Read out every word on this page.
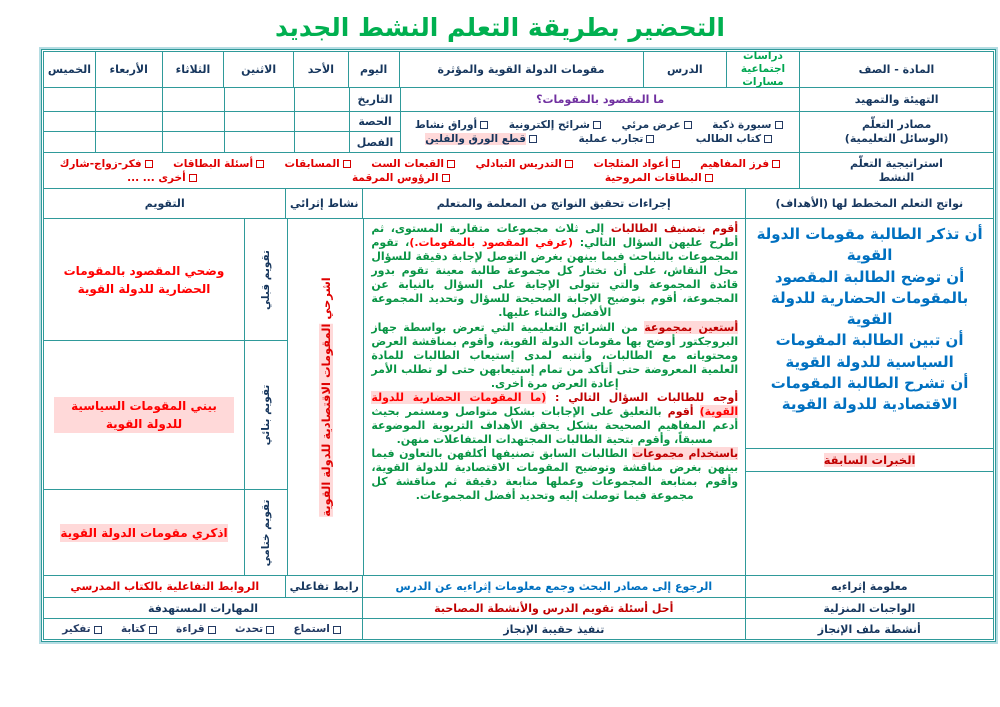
التحضير بطريقة التعلم النشط الجديد
المادة - الصف
دراسات اجتماعية
مسارات
الدرس
مقومات الدولة القوية والمؤثرة
اليوم
الأحد
الاثنين
الثلاثاء
الأربعاء
الخميس
التهيئة والتمهيد
مصادر التعلّم
(الوسائل التعليمية)
ما المقصود بالمقومات؟
سبورة ذكية
عرض مرئي
شرائح إلكترونية
أوراق نشاط
كتاب الطالب
تجارب عملية
قطع الورق والفلين
التاريخ
الحصة
الفصل
استراتيجية التعلّم
النشط
فرز المفاهيم
أعواد المثلجات
التدريس التبادلي
القبعات الست
المسابقات
أسئلة البطاقات
فكر-زواج-شارك
البطاقات المروحية
الرؤوس المرقمة
أخرى ... ...
نواتج التعلم المخطط لها (الأهداف)
إجراءات تحقيق النواتج من المعلمة والمتعلم
نشاط إثرائي
التقويم

أن تذكر الطالبة مقومات الدولة القوية

أن توضح الطالبة المقصود بالمقومات الحضارية للدولة القوية

أن تبين الطالبة المقومات السياسية للدولة القوية

أن تشرح الطالبة المقومات الاقتصادية للدولة القوية

الخبرات السابقة

أقوم بتصنيف الطالبات إلى ثلاث مجموعات متقاربة المستوى، ثم أطرح عليهن السؤال التالي: (عرفي المقصود بالمقومات.)، تقوم المجموعات بالتباحث فيما بينهن بغرض التوصل لإجابة دقيقة للسؤال محل النقاش، على أن تختار كل مجموعة طالبة معينة تقوم بدور قائدة المجموعة والتي تتولى الإجابة على السؤال بالنيابة عن المجموعة، أقوم بتوضيح الإجابة الصحيحة للسؤال وتحديد المجموعة الأفضل والثناء عليها.

أستعين بمجموعة من الشرائح التعليمية التي تعرض بواسطة جهاز البروجكتور أوضح بها مقومات الدولة القوية، وأقوم بمناقشة العرض ومحتوياته مع الطالبات، وأنتبه لمدى إستيعاب الطالبات للمادة العلمية المعروضة حتى أتأكد من تمام إستيعابهن حتى لو تطلب الأمر إعادة العرض مرة أخرى.

أوجه للطالبات السؤال التالي : (ما المقومات الحضارية للدولة القوية) أقوم بالتعليق على الإجابات بشكل متواصل ومستمر بحيث أدعم المفاهيم الصحيحة بشكل يحقق الأهداف التربوية الموضوعة مسبقاً، وأقوم بتحية الطالبات المجتهدات المتفاعلات منهن.

باستخدام مجموعات الطالبات السابق تصنيفها أكلفهن بالتعاون فيما بينهن بغرض مناقشة وتوضيح المقومات الاقتصادية للدولة القوية، وأقوم بمتابعة المجموعات وعملها متابعة دقيقة ثم مناقشة كل مجموعة فيما توصلت إليه وتحديد أفضل المجموعات.

اشرحي المقومات الاقتصادية للدولة القوية
تقويم قبلي
وضحي المقصود بالمقومات الحضارية للدولة القوية
تقويم بنائي
بيني المقومات السياسية للدولة القوية
تقويم ختامي
اذكري مقومات الدولة القوية
معلومة إثراءيه
الرجوع إلى مصادر البحث وجمع معلومات إثراءيه عن الدرس
رابط تفاعلي
الروابط التفاعلية بالكتاب المدرسي
الواجبات المنزلية
أحل أسئلة تقويم الدرس والأنشطة المصاحبة
المهارات المستهدفة
أنشطة ملف الإنجاز
تنفيذ حقيبة الإنجاز
استماع
تحدث
قراءة
كتابة
تفكير
